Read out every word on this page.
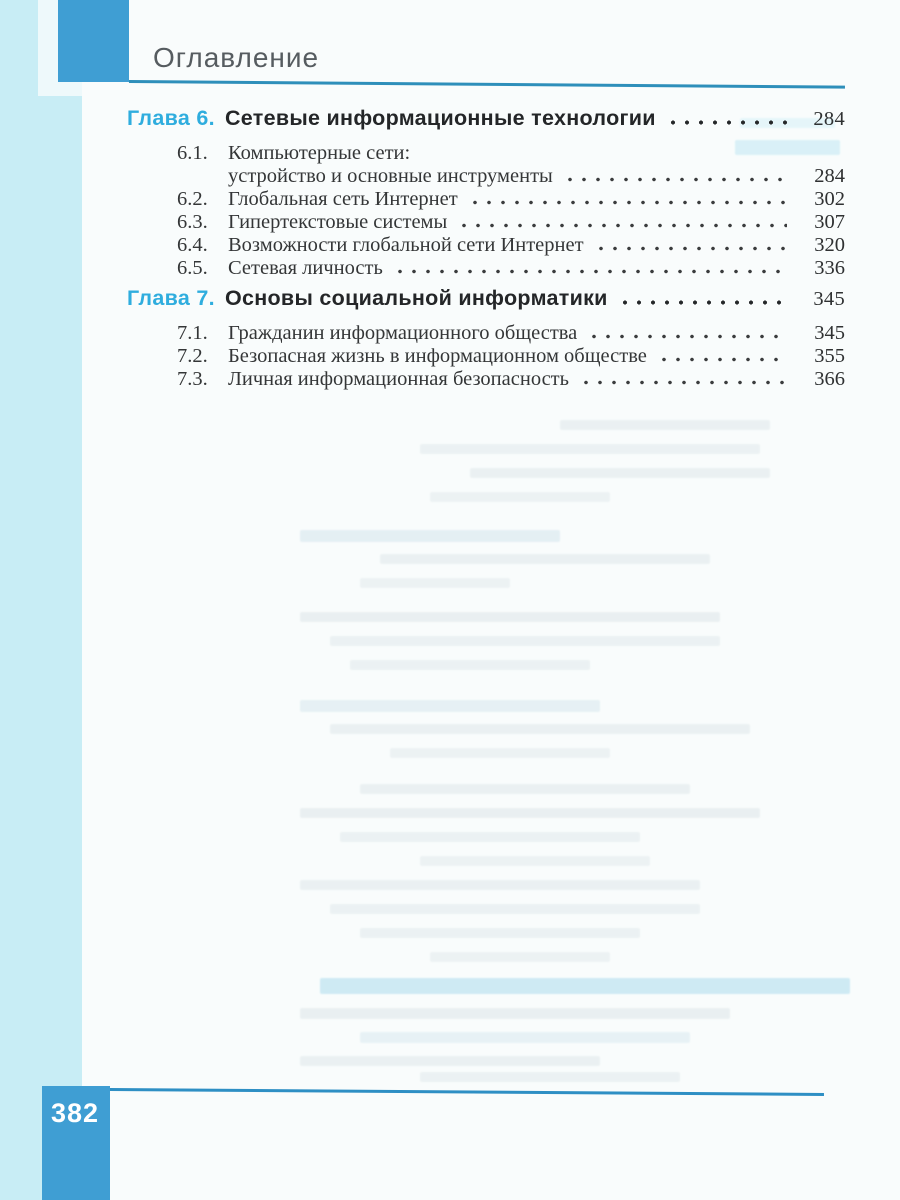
Оглавление
Глава 6. Сетевые информационные технологии	284
6.1. Компьютерные сети:
устройство и основные инструменты	284
6.2. Глобальная сеть Интернет	302
6.3. Гипертекстовые системы	307
6.4. Возможности глобальной сети Интернет	320
6.5. Сетевая личность	336
Глава 7. Основы социальной информатики	345
7.1. Гражданин информационного общества	345
7.2. Безопасная жизнь в информационном обществе	355
7.3. Личная информационная безопасность	366
382
